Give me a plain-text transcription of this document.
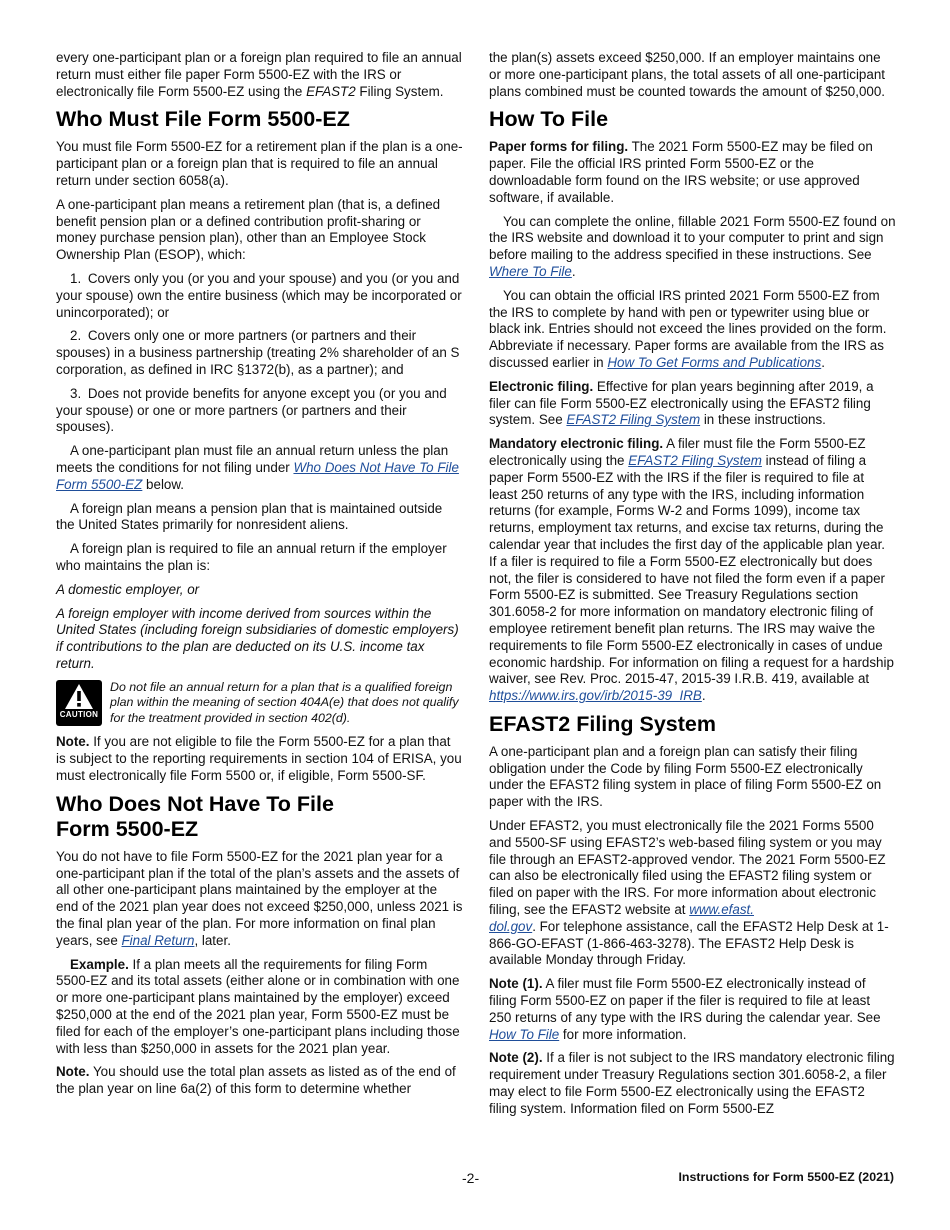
every one-participant plan or a foreign plan required to file an annual return must either file paper Form 5500-EZ with the IRS or electronically file Form 5500-EZ using the EFAST2 Filing System.

Who Must File Form 5500-EZ

You must file Form 5500-EZ for a retirement plan if the plan is a one-participant plan or a foreign plan that is required to file an annual return under section 6058(a).

A one-participant plan means a retirement plan (that is, a defined benefit pension plan or a defined contribution profit-sharing or money purchase pension plan), other than an Employee Stock Ownership Plan (ESOP), which:

1. Covers only you (or you and your spouse) and you (or you and your spouse) own the entire business (which may be incorporated or unincorporated); or

2. Covers only one or more partners (or partners and their spouses) in a business partnership (treating 2% shareholder of an S corporation, as defined in IRC §1372(b), as a partner); and

3. Does not provide benefits for anyone except you (or you and your spouse) or one or more partners (or partners and their spouses).

A one-participant plan must file an annual return unless the plan meets the conditions for not filing under Who Does Not Have To File Form 5500-EZ below.

A foreign plan means a pension plan that is maintained outside the United States primarily for nonresident aliens.

A foreign plan is required to file an annual return if the employer who maintains the plan is:

A domestic employer, or

A foreign employer with income derived from sources within the United States (including foreign subsidiaries of domestic employers) if contributions to the plan are deducted on its U.S. income tax return.

CAUTION
Do not file an annual return for a plan that is a qualified foreign plan within the meaning of section 404A(e) that does not qualify for the treatment provided in section 402(d).

Note. If you are not eligible to file the Form 5500-EZ for a plan that is subject to the reporting requirements in section 104 of ERISA, you must electronically file Form 5500 or, if eligible, Form 5500-SF.

Who Does Not Have To File
Form 5500-EZ

You do not have to file Form 5500-EZ for the 2021 plan year for a one-participant plan if the total of the plan’s assets and the assets of all other one-participant plans maintained by the employer at the end of the 2021 plan year does not exceed $250,000, unless 2021 is the final plan year of the plan. For more information on final plan years, see Final Return, later.

Example. If a plan meets all the requirements for filing Form 5500-EZ and its total assets (either alone or in combination with one or more one-participant plans maintained by the employer) exceed $250,000 at the end of the 2021 plan year, Form 5500-EZ must be filed for each of the employer’s one-participant plans including those with less than $250,000 in assets for the 2021 plan year.

Note. You should use the total plan assets as listed as of the end of the plan year on line 6a(2) of this form to determine whether

the plan(s) assets exceed $250,000. If an employer maintains one or more one-participant plans, the total assets of all one-participant plans combined must be counted towards the amount of $250,000.

How To File

Paper forms for filing. The 2021 Form 5500-EZ may be filed on paper. File the official IRS printed Form 5500-EZ or the downloadable form found on the IRS website; or use approved software, if available.

You can complete the online, fillable 2021 Form 5500-EZ found on the IRS website and download it to your computer to print and sign before mailing to the address specified in these instructions. See Where To File.

You can obtain the official IRS printed 2021 Form 5500-EZ from the IRS to complete by hand with pen or typewriter using blue or black ink. Entries should not exceed the lines provided on the form. Abbreviate if necessary. Paper forms are available from the IRS as discussed earlier in How To Get Forms and Publications.

Electronic filing. Effective for plan years beginning after 2019, a filer can file Form 5500-EZ electronically using the EFAST2 filing system. See EFAST2 Filing System in these instructions.

Mandatory electronic filing. A filer must file the Form 5500-EZ electronically using the EFAST2 Filing System instead of filing a paper Form 5500-EZ with the IRS if the filer is required to file at least 250 returns of any type with the IRS, including information returns (for example, Forms W-2 and Forms 1099), income tax returns, employment tax returns, and excise tax returns, during the calendar year that includes the first day of the applicable plan year. If a filer is required to file a Form 5500-EZ electronically but does not, the filer is considered to have not filed the form even if a paper Form 5500-EZ is submitted. See Treasury Regulations section 301.6058-2 for more information on mandatory electronic filing of employee retirement benefit plan returns. The IRS may waive the requirements to file Form 5500-EZ electronically in cases of undue economic hardship. For information on filing a request for a hardship waiver, see Rev. Proc. 2015-47, 2015-39 I.R.B. 419, available at https://www.irs.gov/irb/2015-39_IRB.

EFAST2 Filing System

A one-participant plan and a foreign plan can satisfy their filing obligation under the Code by filing Form 5500-EZ electronically under the EFAST2 filing system in place of filing Form 5500-EZ on paper with the IRS.

Under EFAST2, you must electronically file the 2021 Forms 5500 and 5500-SF using EFAST2’s web-based filing system or you may file through an EFAST2-approved vendor. The 2021 Form 5500-EZ can also be electronically filed using the EFAST2 filing system or filed on paper with the IRS. For more information about electronic filing, see the EFAST2 website at www.efast.
dol.gov. For telephone assistance, call the EFAST2 Help Desk at 1-866-GO-EFAST (1-866-463-3278). The EFAST2 Help Desk is available Monday through Friday.

Note (1). A filer must file Form 5500-EZ electronically instead of filing Form 5500-EZ on paper if the filer is required to file at least 250 returns of any type with the IRS during the calendar year. See How To File for more information.

Note (2). If a filer is not subject to the IRS mandatory electronic filing requirement under Treasury Regulations section 301.6058-2, a filer may elect to file Form 5500-EZ electronically using the EFAST2 filing system. Information filed on Form 5500-EZ

-2-	Instructions for Form 5500-EZ (2021)
